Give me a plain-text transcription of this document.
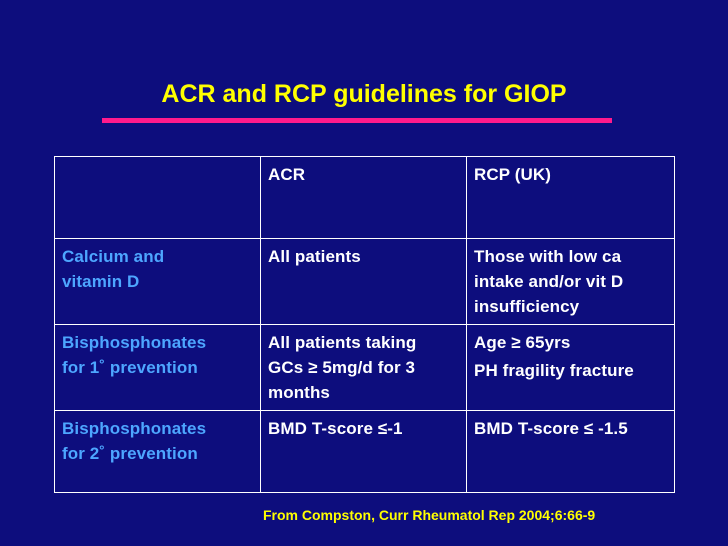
ACR and RCP guidelines for GIOP
	ACR	RCP (UK)

Calcium and
vitamin D	All patients	Those with low ca
intake and/or vit D
insufficiency

Bisphosphonates
for 1˚ prevention	All patients taking
GCs ≥ 5mg/d for 3
months	Age ≥ 65yrs
PH fragility fracture

Bisphosphonates
for 2˚ prevention	BMD T-score ≤-1	BMD T-score ≤ -1.5

From Compston, Curr Rheumatol Rep 2004;6:66-9
